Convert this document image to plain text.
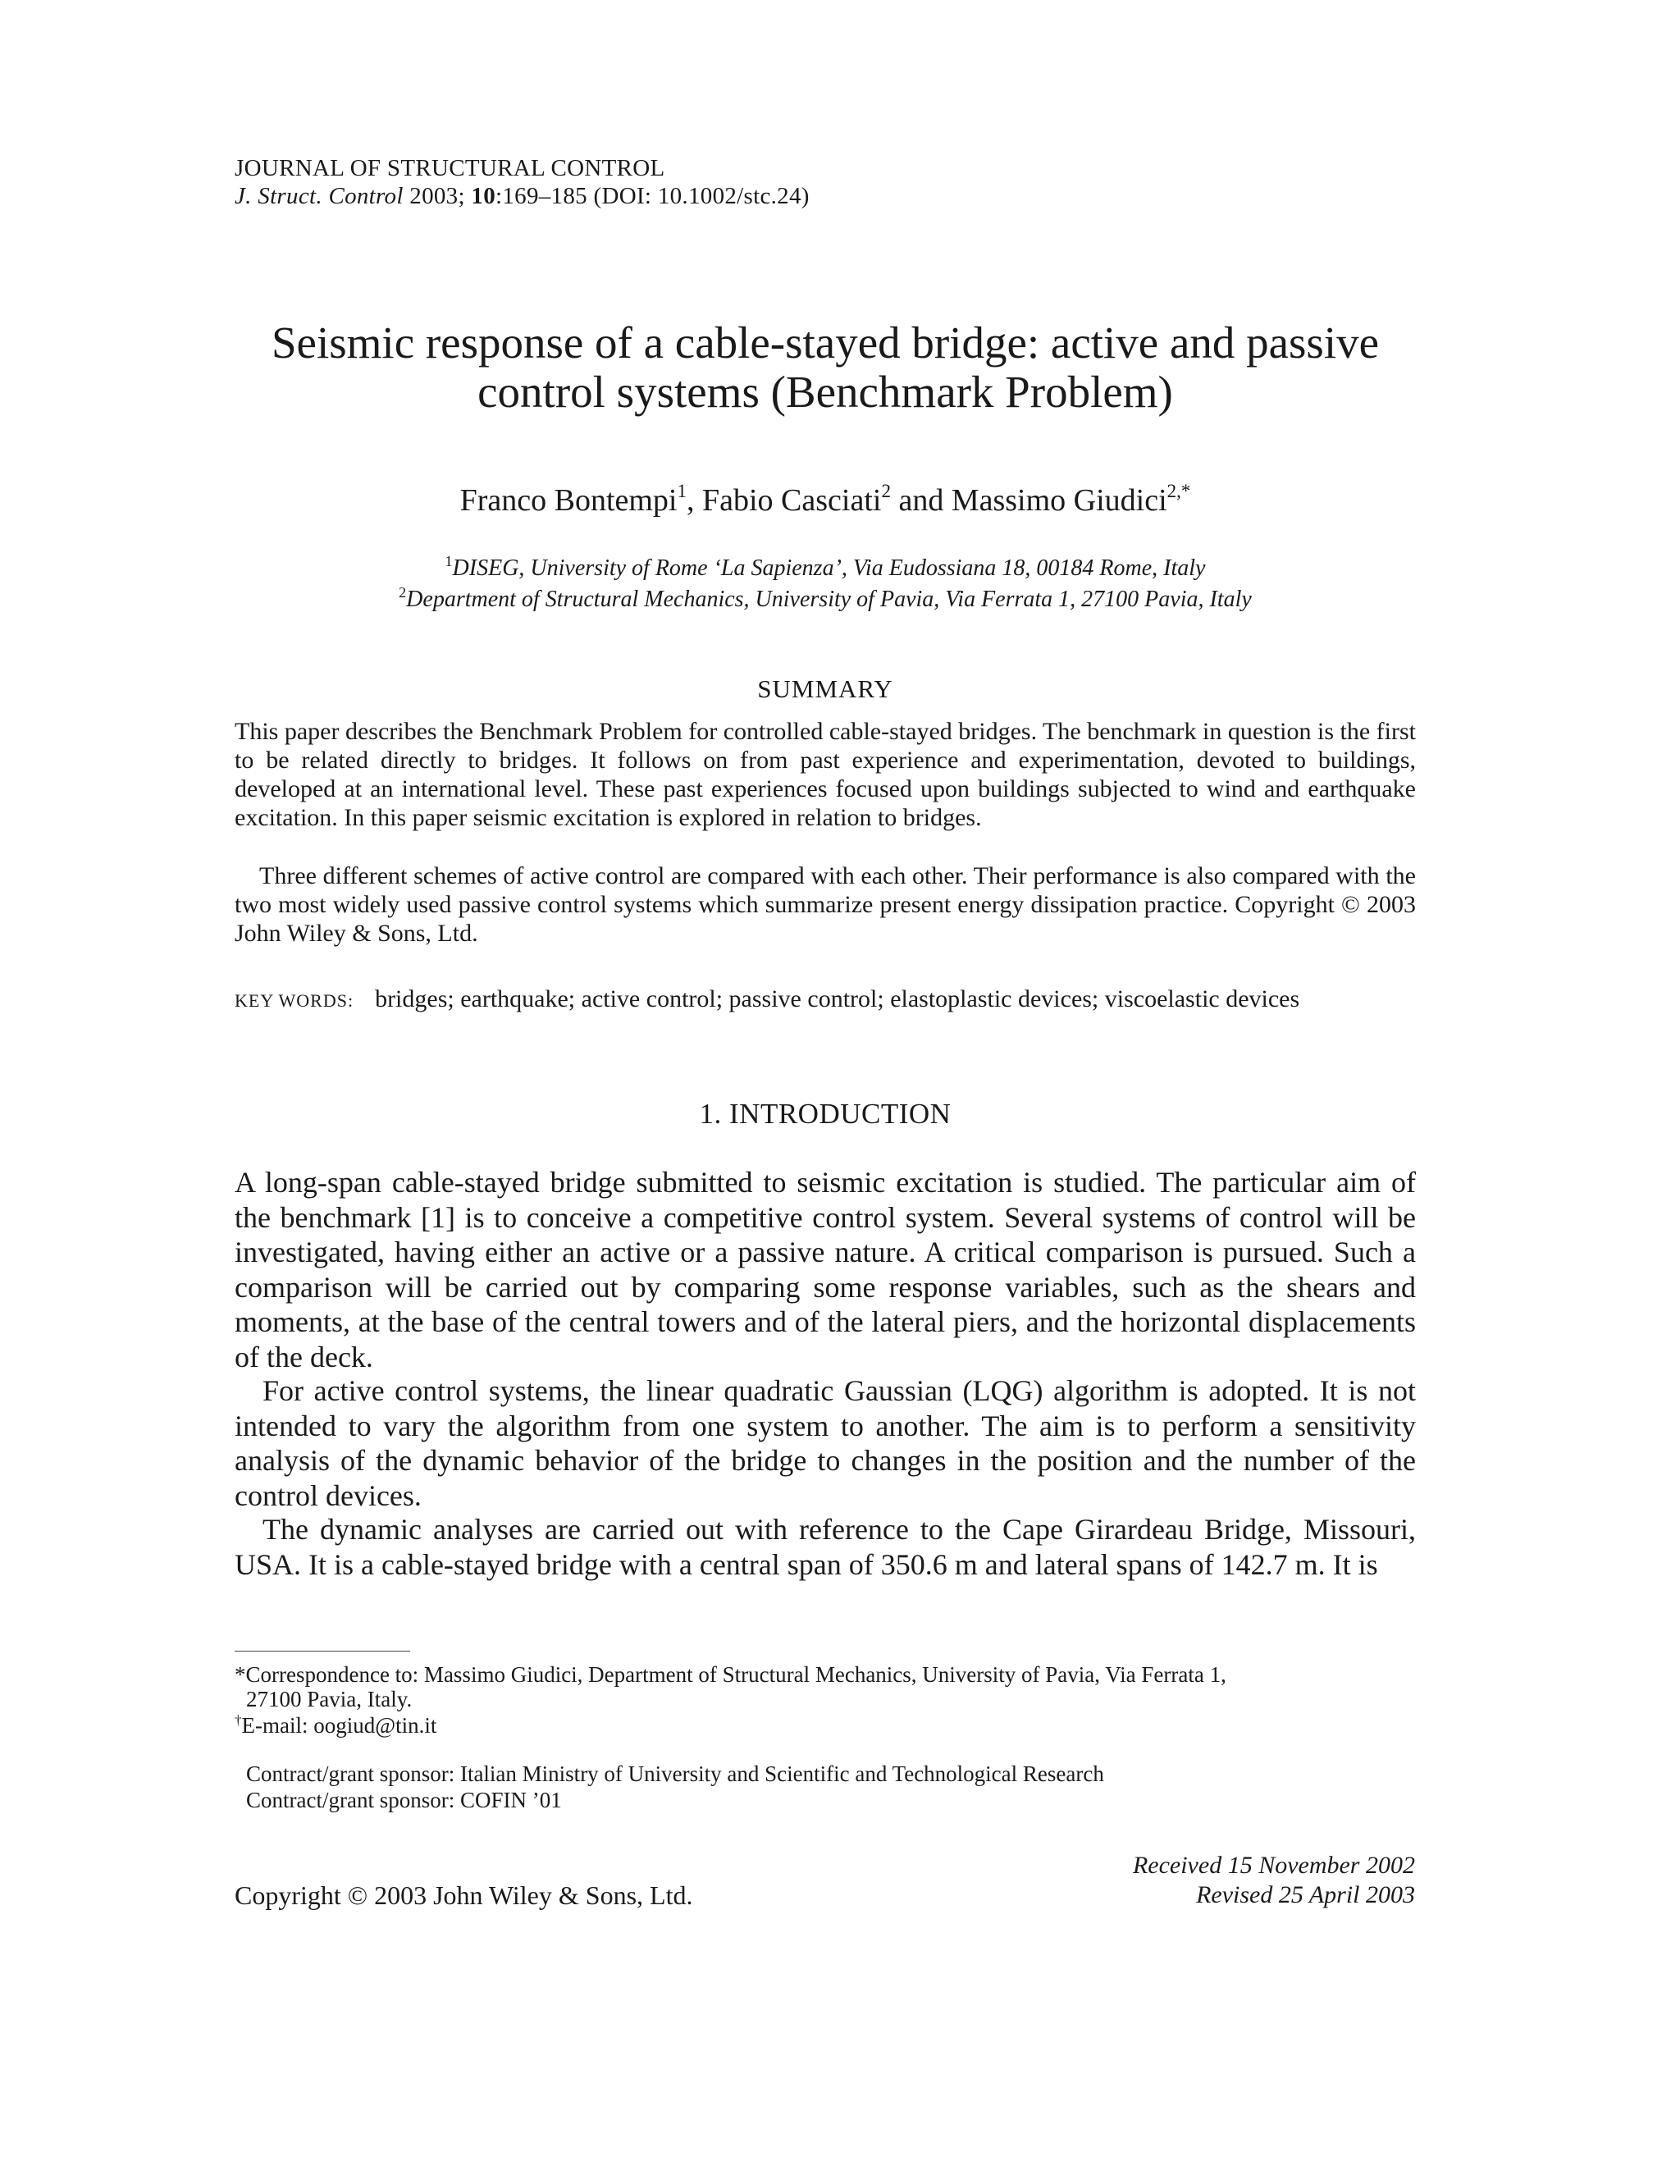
JOURNAL OF STRUCTURAL CONTROL
J. Struct. Control 2003; 10:169–185 (DOI: 10.1002/stc.24)
Seismic response of a cable-stayed bridge: active and passive
control systems (Benchmark Problem)
Franco Bontempi$^1$, Fabio Casciati$^2$ and Massimo Giudici$^{2,*}$
$^1$DISEG, University of Rome ‘La Sapienza’, Via Eudossiana 18, 00184 Rome, Italy
$^2$Department of Structural Mechanics, University of Pavia, Via Ferrata 1, 27100 Pavia, Italy
SUMMARY

This paper describes the Benchmark Problem for controlled cable-stayed bridges. The benchmark in question is the first to be related directly to bridges. It follows on from past experience and experimentation, devoted to buildings, developed at an international level. These past experiences focused upon buildings subjected to wind and earthquake excitation. In this paper seismic excitation is explored in relation to bridges.

Three different schemes of active control are compared with each other. Their performance is also compared with the two most widely used passive control systems which summarize present energy dissipation practice. Copyright © 2003 John Wiley & Sons, Ltd.

KEY WORDS: bridges; earthquake; active control; passive control; elastoplastic devices; viscoelastic devices
1. INTRODUCTION

A long-span cable-stayed bridge submitted to seismic excitation is studied. The particular aim of the benchmark [1] is to conceive a competitive control system. Several systems of control will be investigated, having either an active or a passive nature. A critical comparison is pursued. Such a comparison will be carried out by comparing some response variables, such as the shears and moments, at the base of the central towers and of the lateral piers, and the horizontal displacements of the deck.

For active control systems, the linear quadratic Gaussian (LQG) algorithm is adopted. It is not intended to vary the algorithm from one system to another. The aim is to perform a sensitivity analysis of the dynamic behavior of the bridge to changes in the position and the number of the control devices.

The dynamic analyses are carried out with reference to the Cape Girardeau Bridge, Missouri, USA. It is a cable-stayed bridge with a central span of 350.6 m and lateral spans of 142.7 m. It is

*Correspondence to: Massimo Giudici, Department of Structural Mechanics, University of Pavia, Via Ferrata 1,
27100 Pavia, Italy.
†E-mail: oogiud@tin.it
Contract/grant sponsor: Italian Ministry of University and Scientific and Technological Research
Contract/grant sponsor: COFIN ’01
Received 15 November 2002
Revised 25 April 2003
Copyright © 2003 John Wiley & Sons, Ltd.
